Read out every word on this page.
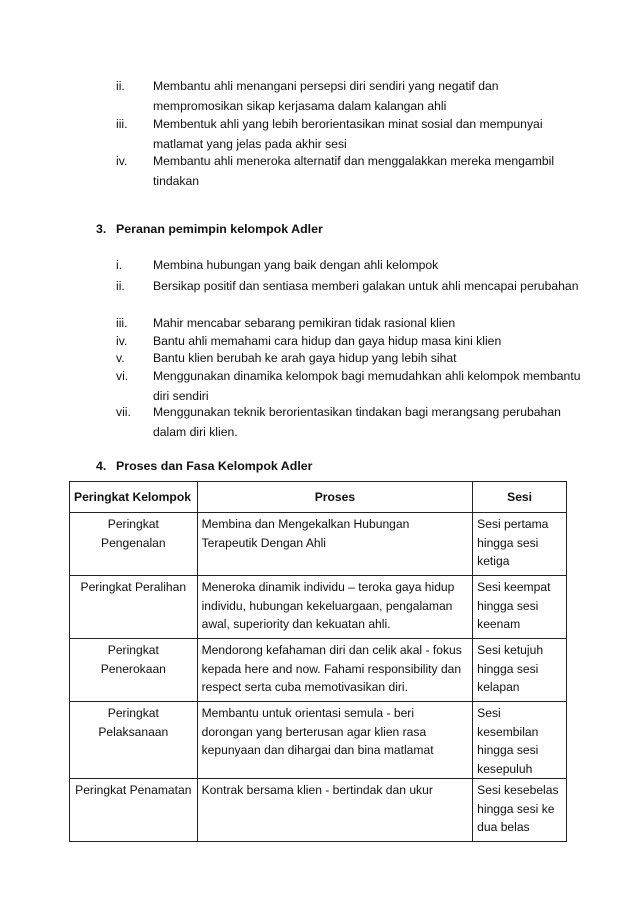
ii. Membantu ahli menangani persepsi diri sendiri yang negatif dan mempromosikan sikap kerjasama dalam kalangan ahli
iii. Membentuk ahli yang lebih berorientasikan minat sosial dan mempunyai matlamat yang jelas pada akhir sesi
iv. Membantu ahli meneroka alternatif dan menggalakkan mereka mengambil tindakan
3. Peranan pemimpin kelompok Adler
i.	Membina hubungan yang baik dengan ahli kelompok
ii. Bersikap positif dan sentiasa memberi galakan untuk ahli mencapai perubahan
iii. Mahir mencabar sebarang pemikiran tidak rasional klien
iv. Bantu ahli memahami cara hidup dan gaya hidup masa kini klien
v. Bantu klien berubah ke arah gaya hidup yang lebih sihat
vi. Menggunakan dinamika kelompok bagi memudahkan ahli kelompok membantu diri sendiri
vii. Menggunakan teknik berorientasikan tindakan bagi merangsang perubahan dalam diri klien.
4. Proses dan Fasa Kelompok Adler
Peringkat Kelompok	Proses	Sesi
Peringkat Pengenalan	Membina dan Mengekalkan Hubungan Terapeutik Dengan Ahli	Sesi pertama hingga sesi ketiga
Peringkat Peralihan	Meneroka dinamik individu – teroka gaya hidup individu, hubungan kekeluargaan, pengalaman awal, superiority dan kekuatan ahli.	Sesi keempat hingga sesi keenam
Peringkat Penerokaan	Mendorong kefahaman diri dan celik akal - fokus kepada here and now. Fahami responsibility dan respect serta cuba memotivasikan diri.	Sesi ketujuh hingga sesi kelapan
Peringkat Pelaksanaan	Membantu untuk orientasi semula - beri dorongan yang berterusan agar klien rasa kepunyaan dan dihargai dan bina matlamat	Sesi kesembilan hingga sesi kesepuluh
Peringkat Penamatan	Kontrak bersama klien - bertindak dan ukur	Sesi kesebelas hingga sesi ke dua belas
